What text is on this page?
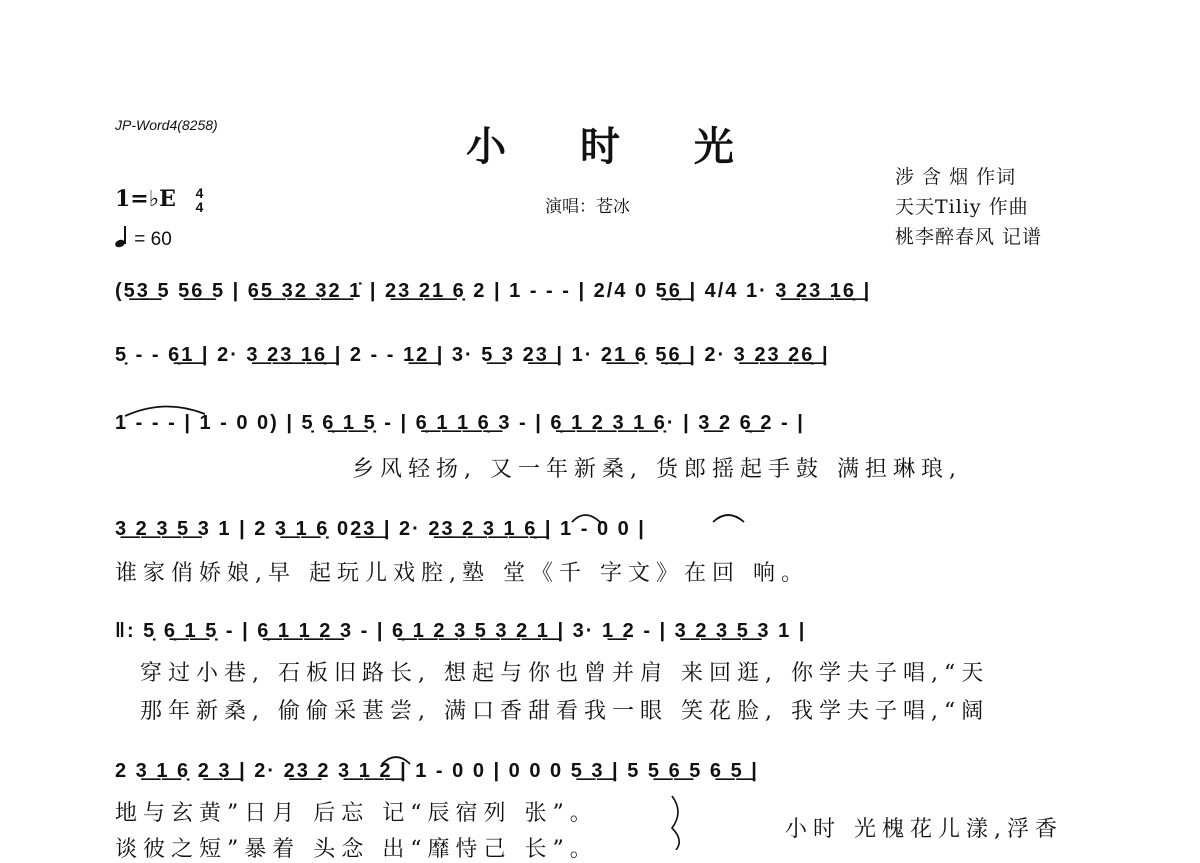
JP-Word4(8258)	小 时 光
1=♭E 4
4
= 60
演唱：苍冰
涉 含 烟 作词
天天Tiliy 作曲
桃李醉春风 记谱
(5͟3͟ 5 5͟6͟ 5 | 6͟5͟ 3͟2͟ 3͟2͟ 1̇ | 2͟3͟ 2͟1͟ 6̣ 2 | 1 - - - | 2/4 0 5̣͟6̣͟ | 4/4 1· 3͟ 2͟3͟ 1͟6̣͟ |
5̣ - - 6̣͟1͟ | 2· 3͟ 2͟3͟ 1͟6̣͟ | 2 - - 1͟2͟ | 3· 5͟ 3 2͟3͟ | 1· 2͟1͟ 6̣ 5̣͟6̣͟ | 2· 3͟ 2͟3͟ 2͟6̣͟ |
1 - - - | 1 - 0 0) | 5̣ 6̣͟ 1͟ 5̣ - | 6̣͟ 1͟ 1͟ 6̣͟ 3 - | 6̣͟ 1͟ 2͟ 3͟ 1͟ 6̣· | 3͟ 2 6̣͟ 2 - |
乡风轻扬, 又一年新桑, 货郎摇起手鼓 满担琳琅,
3͟ 2͟ 3͟ 5͟ 3 1 | 2 3͟ 1͟ 6̣ 02͟3͟ | 2· 2͟3͟ 2͟ 3͟ 1͟ 6̣͟ | 1 - 0 0 |
谁家俏娇娘,早 起玩儿戏腔,塾 堂《千 字文》在回 响。
‖: 5̣ 6̣͟ 1͟ 5̣ - | 6̣͟ 1͟ 1͟ 2͟ 3 - | 6̣͟ 1͟ 2͟ 3͟ 5͟ 3͟ 2͟ 1͟ | 3· 1͟ 2 - | 3͟ 2͟ 3͟ 5͟ 3 1 |
穿过小巷, 石板旧路长, 想起与你也曾并肩 来回逛, 你学夫子唱,“天
那年新桑, 偷偷采葚尝, 满口香甜看我一眼 笑花脸, 我学夫子唱,“阔
2 3͟ 1͟ 6̣ 2͟ 3͟ | 2· 2͟3͟ 2 3͟ 1͟ 2͟ | 1 - 0 0 | 0 0 0 5͟ 3͟ | 5 5͟ 6͟ 5 6͟ 5͟ |
地与玄黄”日月 后忘 记“辰宿列 张”。
谈彼之短”暴着 头念 出“靡恃己 长”。
小时 光槐花儿漾,浮香
